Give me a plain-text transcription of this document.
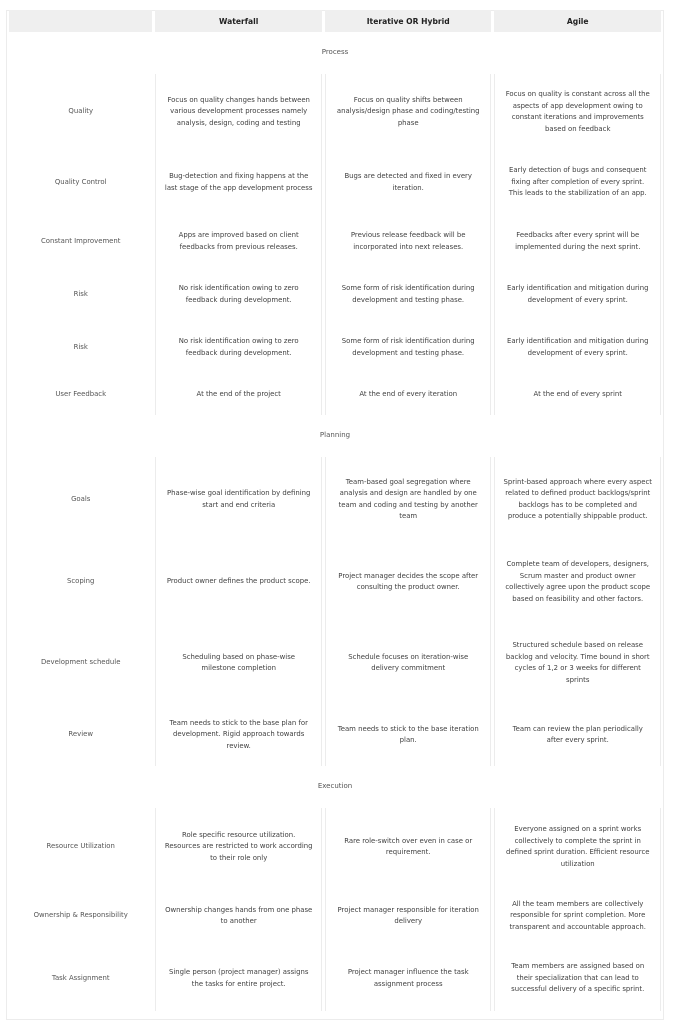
	Waterfall	Iterative OR Hybrid	Agile
Process			
Quality	Focus on quality changes hands between various development processes namely analysis, design, coding and testing	Focus on quality shifts between analysis/design phase and coding/testing phase	Focus on quality is constant across all the aspects of app development owing to constant iterations and improvements based on feedback
Quality Control	Bug-detection and fixing happens at the last stage of the app development process	Bugs are detected and fixed in every iteration.	Early detection of bugs and consequent fixing after completion of every sprint. This leads to the stabilization of an app.
Constant Improvement	Apps are improved based on client feedbacks from previous releases.	Previous release feedback will be incorporated into next releases.	Feedbacks after every sprint will be implemented during the next sprint.
Risk	No risk identification owing to zero feedback during development.	Some form of risk identification during development and testing phase.	Early identification and mitigation during development of every sprint.
Risk	No risk identification owing to zero feedback during development.	Some form of risk identification during development and testing phase.	Early identification and mitigation during development of every sprint.
User Feedback	At the end of the project	At the end of every iteration	At the end of every sprint
Planning			
Goals	Phase-wise goal identification by defining start and end criteria	Team-based goal segregation where analysis and design are handled by one team and coding and testing by another team	Sprint-based approach where every aspect related to defined product backlogs/sprint backlogs has to be completed and produce a potentially shippable product.
Scoping	Product owner defines the product scope.	Project manager decides the scope after consulting the product owner.	Complete team of developers, designers, Scrum master and product owner collectively agree upon the product scope based on feasibility and other factors.
Development schedule	Scheduling based on phase-wise milestone completion	Schedule focuses on iteration-wise delivery commitment	Structured schedule based on release backlog and velocity. Time bound in short cycles of 1,2 or 3 weeks for different sprints
Review	Team needs to stick to the base plan for development. Rigid approach towards review.	Team needs to stick to the base iteration plan.	Team can review the plan periodically after every sprint.
Execution			
Resource Utilization	Role specific resource utilization. Resources are restricted to work according to their role only	Rare role-switch over even in case or requirement.	Everyone assigned on a sprint works collectively to complete the sprint in defined sprint duration. Efficient resource utilization
Ownership & Responsibility	Ownership changes hands from one phase to another	Project manager responsible for iteration delivery	All the team members are collectively responsible for sprint completion. More transparent and accountable approach.
Task Assignment	Single person (project manager) assigns the tasks for entire project.	Project manager influence the task assignment process	Team members are assigned based on their specialization that can lead to successful delivery of a specific sprint.
